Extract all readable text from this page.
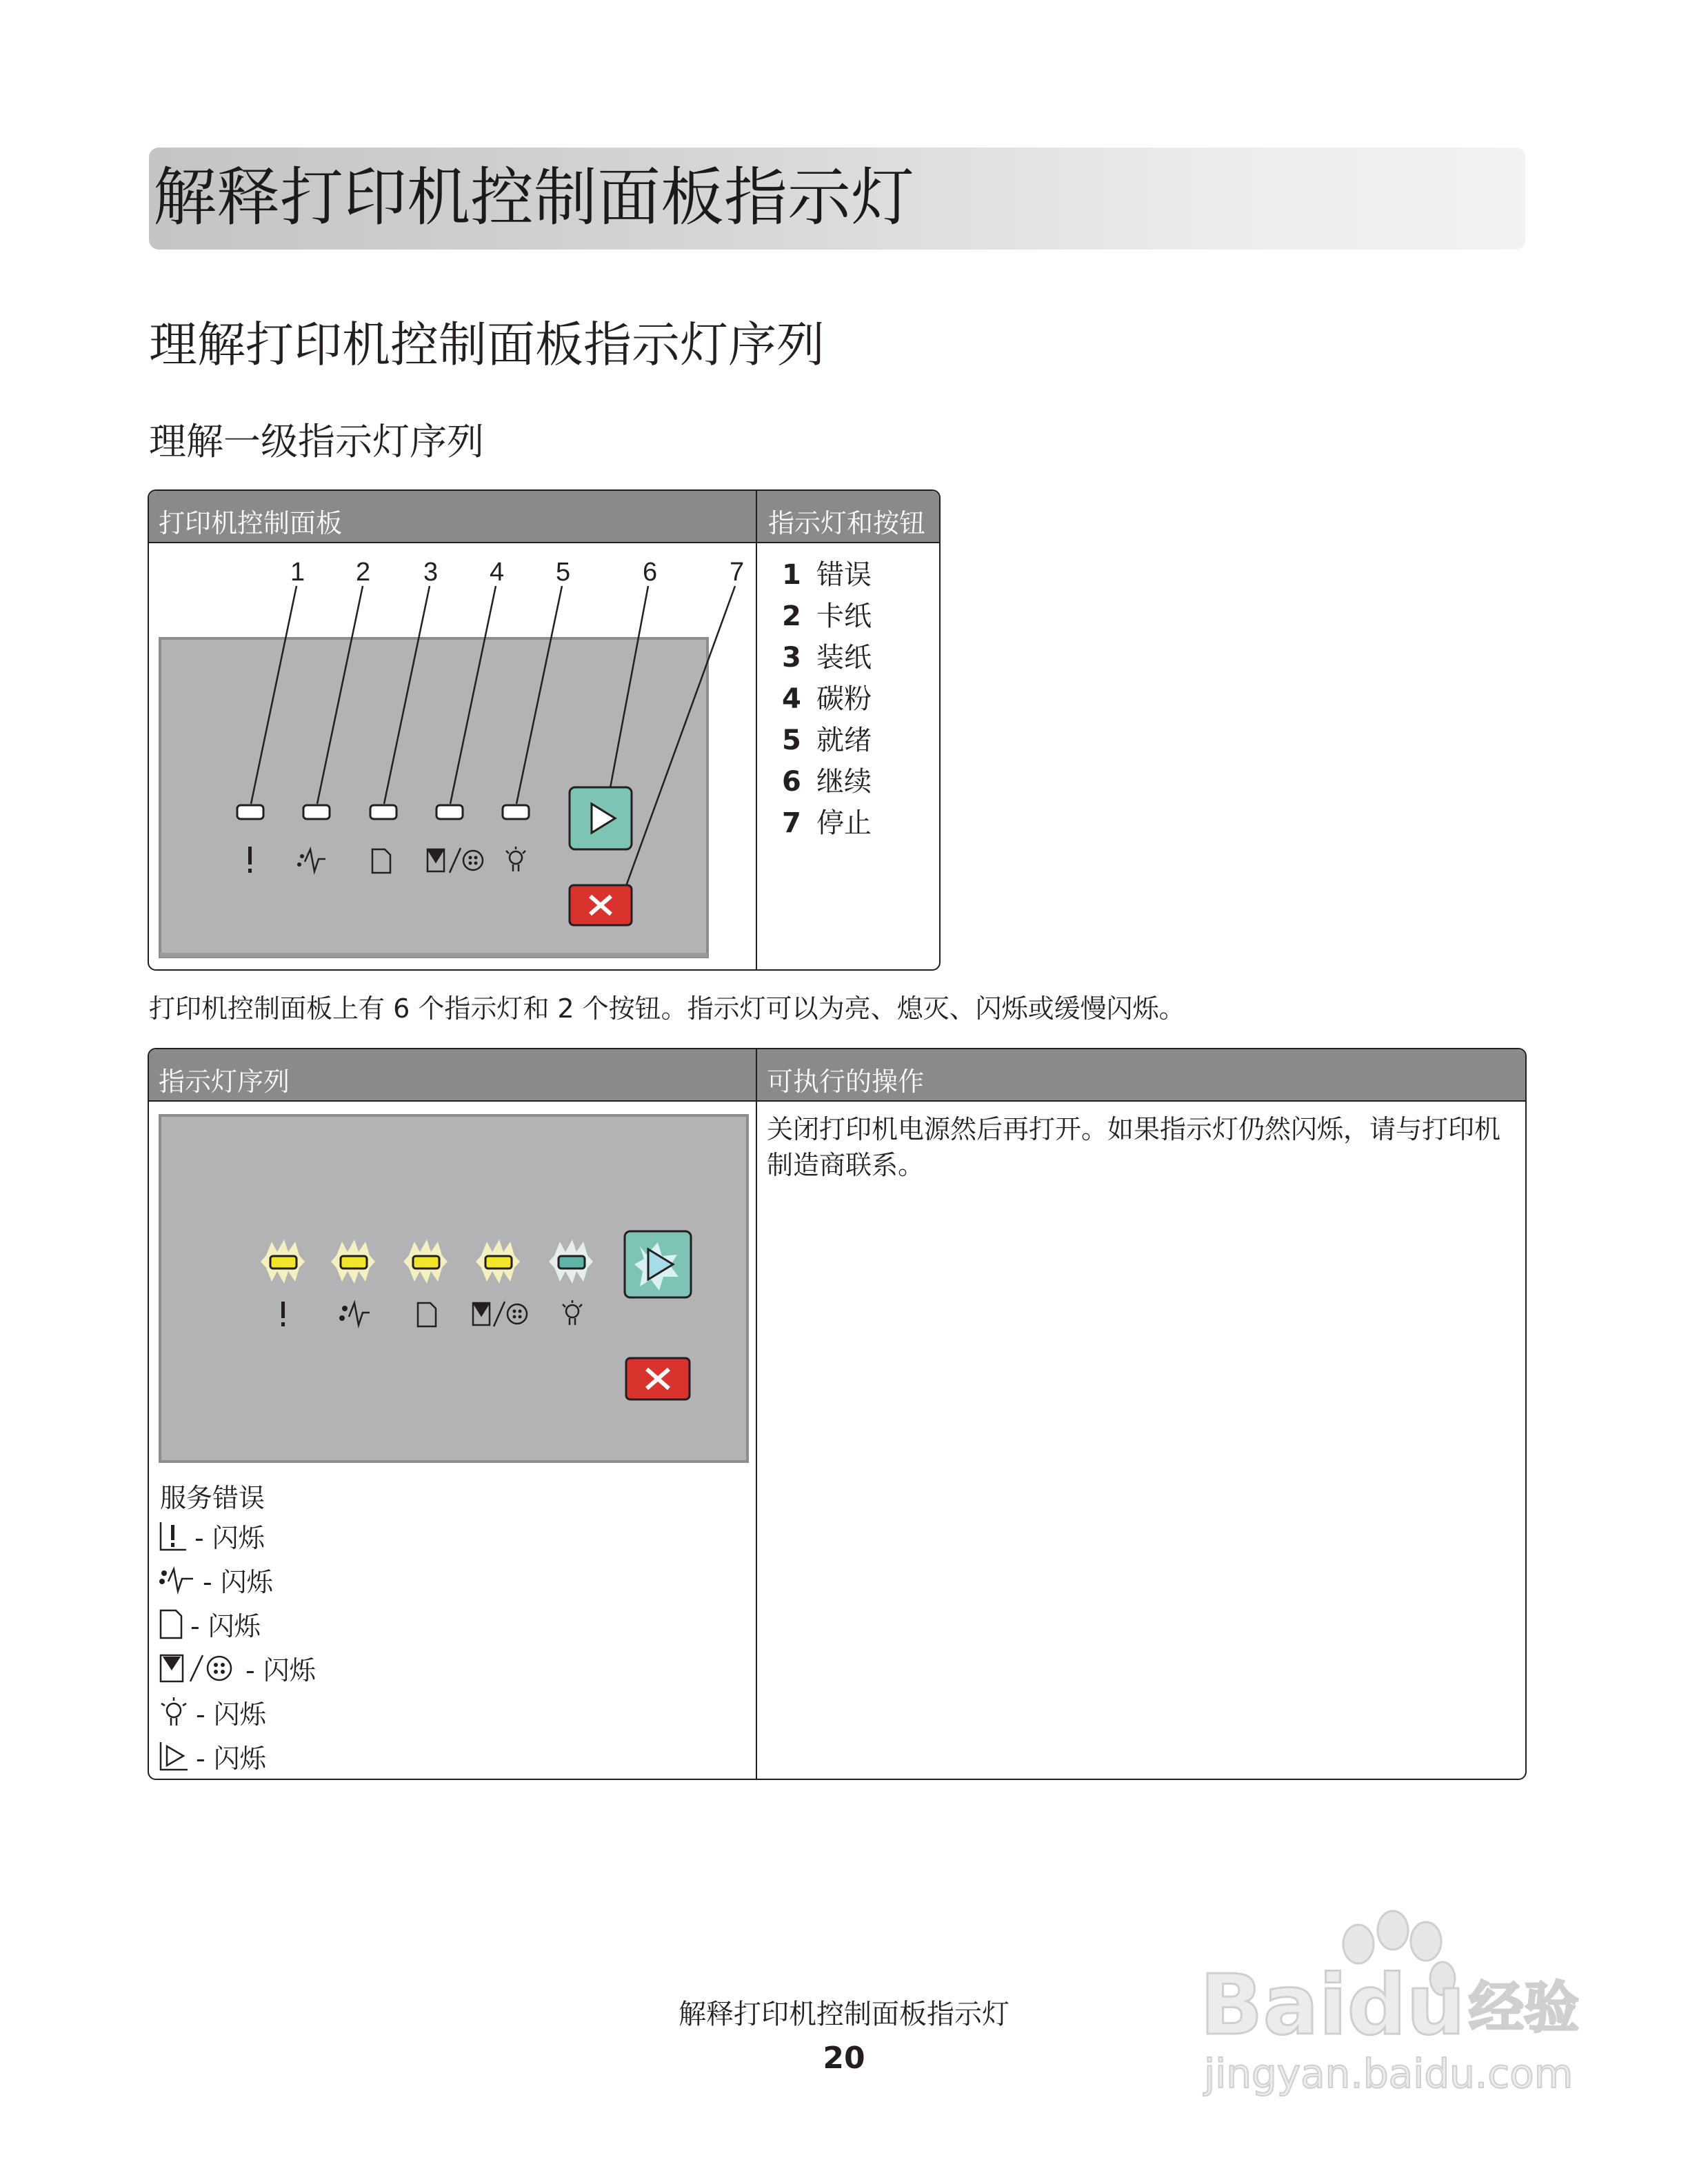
解释打印机控制面板指示灯
理解打印机控制面板指示灯序列
理解一级指示灯序列
打印机控制面板	指示灯和按钮
1 2 3 4 5	6	7 1 错误
2 卡纸
3 装纸
4 碳粉
5 就绪
6 继续
7 停止
打印机控制面板上有 6 个指示灯和 2 个按钮。指示灯可以为亮、熄灭、闪烁或缓慢闪烁。
指示灯序列	可执行的操作
服务错误
- 闪烁
- 闪烁
- 闪烁
- 闪烁
- 闪烁
- 闪烁
关闭打印机电源然后再打开。如果指示灯仍然闪烁，请与打印机制造商联系。
解释打印机控制面板指示灯
20
Baidu 经验
jingyan.baidu.com
